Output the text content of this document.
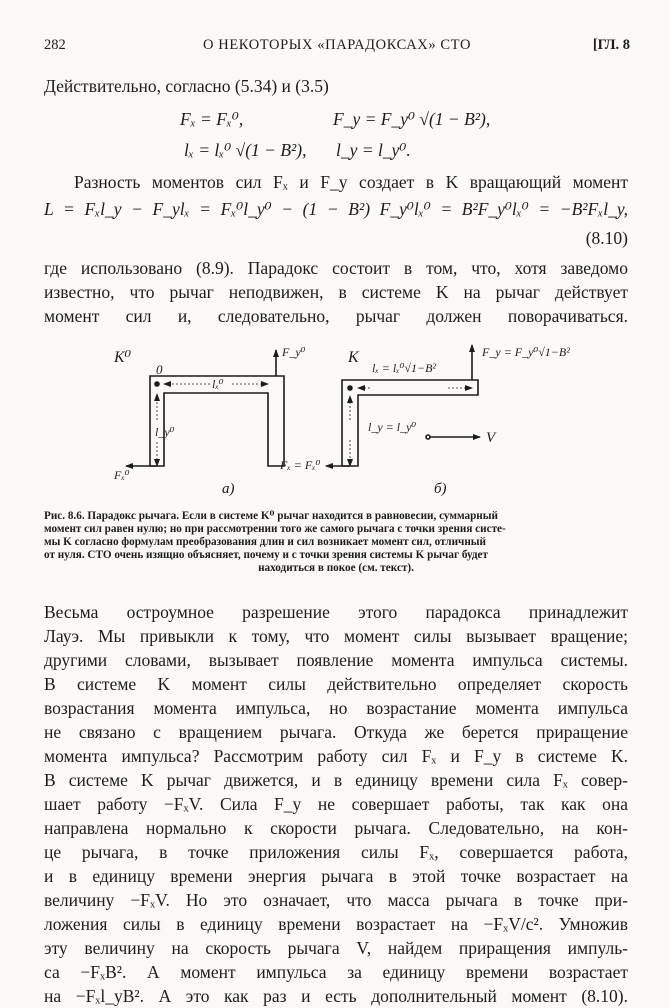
282	О НЕКОТОРЫХ «ПАРАДОКСАХ» СТО	[ГЛ. 8
Действительно, согласно (5.34) и (3.5)
Fₓ = Fₓ⁰,	F_y = F_y⁰ √(1 − Β²),
lₓ = lₓ⁰ √(1 − Β²), l_y = l_y⁰.
Разность моментов сил Fₓ и F_y создает в K вращающий момент
L = Fₓl_y − F_ylₓ = Fₓ⁰l_y⁰ − (1 − Β²) F_y⁰lₓ⁰ = Β²F_y⁰lₓ⁰ = −Β²Fₓl_y,
(8.10)
где использовано (8.9). Парадокс состоит в том, что, хотя заведомо
известно, что рычаг неподвижен, в системе K на рычаг действует
момент сил и, следовательно, рычаг должен поворачиваться.
K⁰
0
F_y⁰
lₓ⁰
l_y⁰
Fₓ⁰
а)
K	F_y = F_y⁰√1−Β²
lₓ = lₓ⁰√1−Β²
l_y = l_y⁰
Fₓ = Fₓ⁰
V
б)
Рис. 8.6. Парадокс рычага. Если в системе K⁰ рычаг находится в равновесии, суммарный
момент сил равен нулю; но при рассмотрении того же самого рычага с точки зрения систе-
мы K согласно формулам преобразования длин и сил возникает момент сил, отличный
от нуля. СТО очень изящно объясняет, почему и с точки зрения системы K рычаг будет
находиться в покое (см. текст).
Весьма остроумное разрешение этого парадокса принадлежит
Лауэ. Мы привыкли к тому, что момент силы вызывает вращение;
другими словами, вызывает появление момента импульса системы.
В системе K момент силы действительно определяет скорость
возрастания момента импульса, но возрастание момента импульса
не связано с вращением рычага. Откуда же берется приращение
момента импульса? Рассмотрим работу сил Fₓ и F_y в системе K.
В системе K рычаг движется, и в единицу времени сила Fₓ совер-
шает работу −FₓV. Сила F_y не совершает работы, так как она
направлена нормально к скорости рычага. Следовательно, на кон-
це рычага, в точке приложения силы Fₓ, совершается работа,
и в единицу времени энергия рычага в этой точке возрастает на
величину −FₓV. Но это означает, что масса рычага в точке при-
ложения силы в единицу времени возрастает на −FₓV/c². Умножив
эту величину на скорость рычага V, найдем приращения импуль-
са −FₓΒ². А момент импульса за единицу времени возрастает
на −Fₓl_yΒ². А это как раз и есть дополнительный момент (8.10).
